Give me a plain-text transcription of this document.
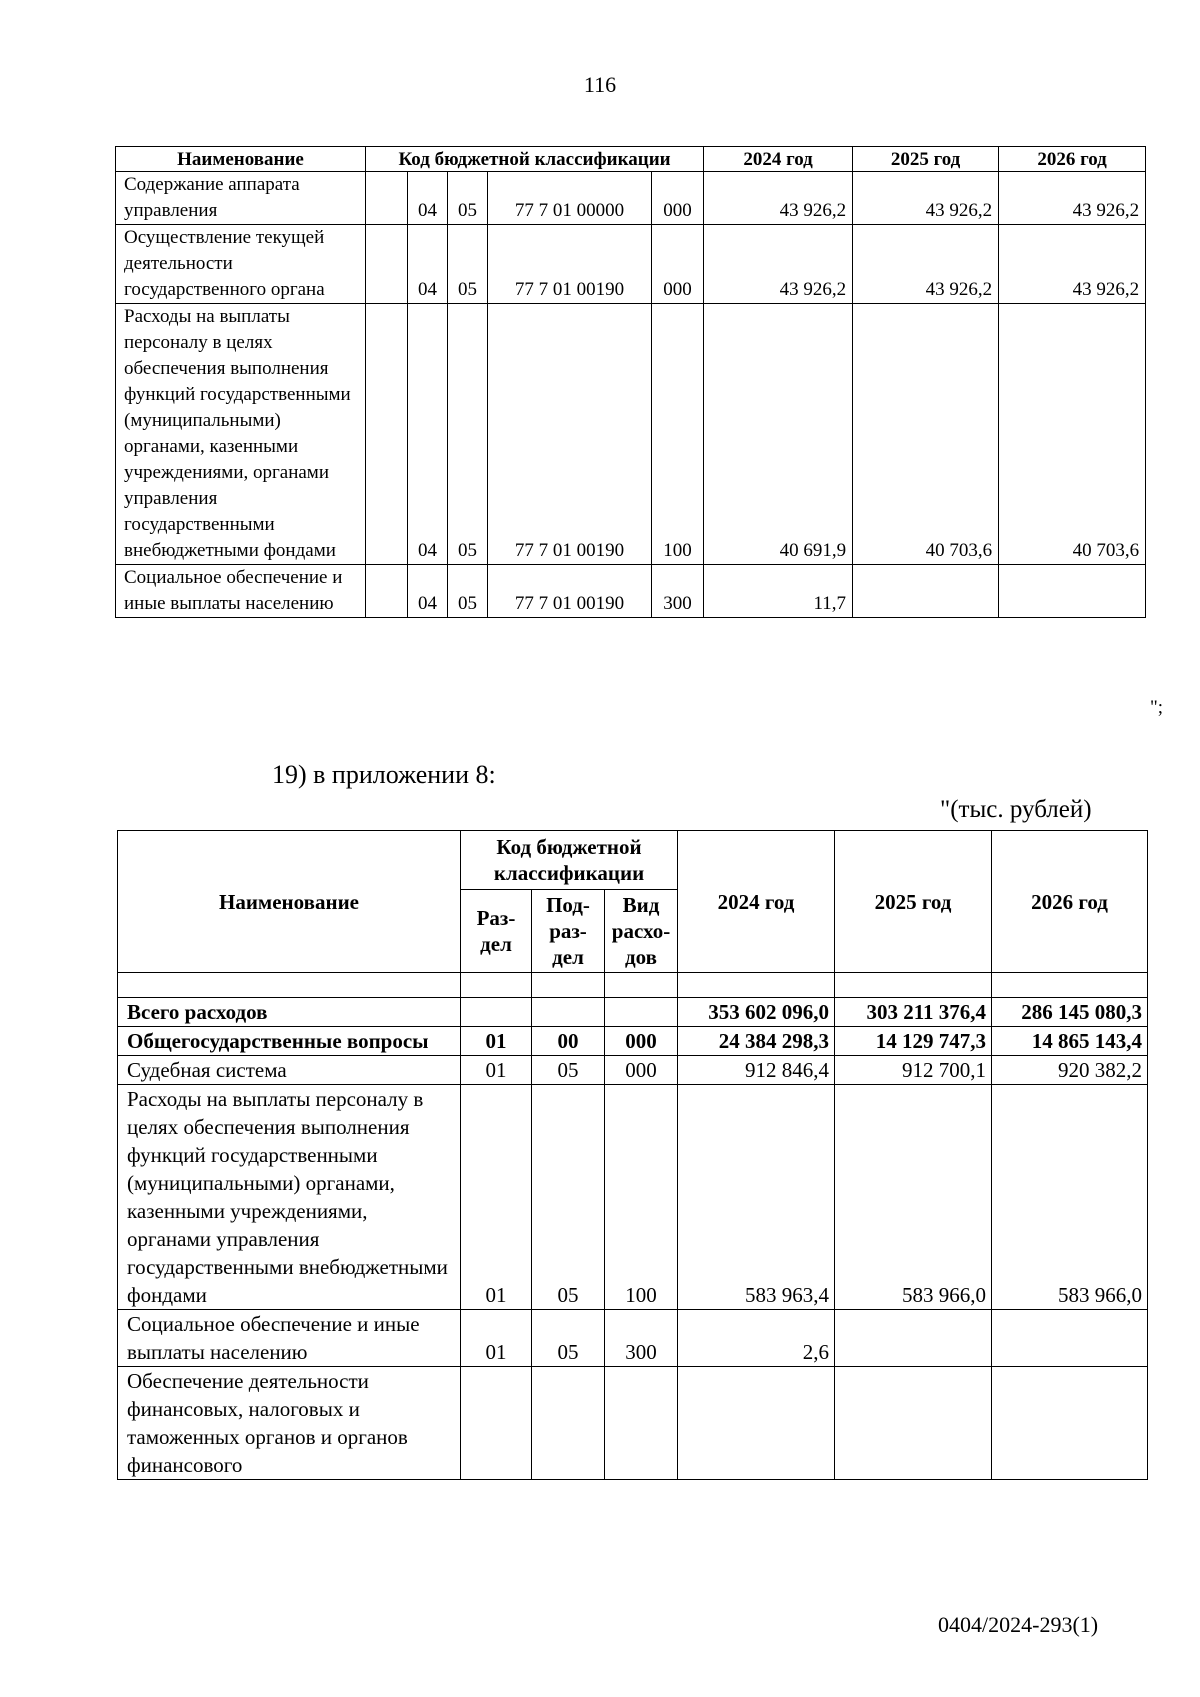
116
Наименование	Код бюджетной классификации					2024 год	2025 год	2026 год
Содержание аппарата управления		04	05	77 7 01 00000	000	43 926,2	43 926,2	43 926,2
Осуществление текущей деятельности государственного органа		04	05	77 7 01 00190	000	43 926,2	43 926,2	43 926,2
Расходы на выплаты персоналу в целях обеспечения выполнения функций государственными (муниципальными) органами, казенными учреждениями, органами управления государственными внебюджетными фондами		04	05	77 7 01 00190	100	40 691,9	40 703,6	40 703,6
Социальное обеспечение и иные выплаты населению		04	05	77 7 01 00190	300	11,7		
";
19) в приложении 8:
"(тыс. рублей)
Наименование	Код бюджетной классификации			2024 год	2025 год	2026 год
	Раз-дел	Под-раз-дел	Вид расхо-дов			

Всего расходов				353 602 096,0	303 211 376,4	286 145 080,3
Общегосударственные вопросы	01	00	000	24 384 298,3	14 129 747,3	14 865 143,4
Судебная система	01	05	000	912 846,4	912 700,1	920 382,2
Расходы на выплаты персоналу в целях обеспечения выполнения функций государственными (муниципальными) органами, казенными учреждениями, органами управления государственными внебюджетными фондами	01	05	100	583 963,4	583 966,0	583 966,0
Социальное обеспечение и иные выплаты населению	01	05	300	2,6		
Обеспечение деятельности финансовых, налоговых и таможенных органов и органов финансового						
0404/2024-293(1)
